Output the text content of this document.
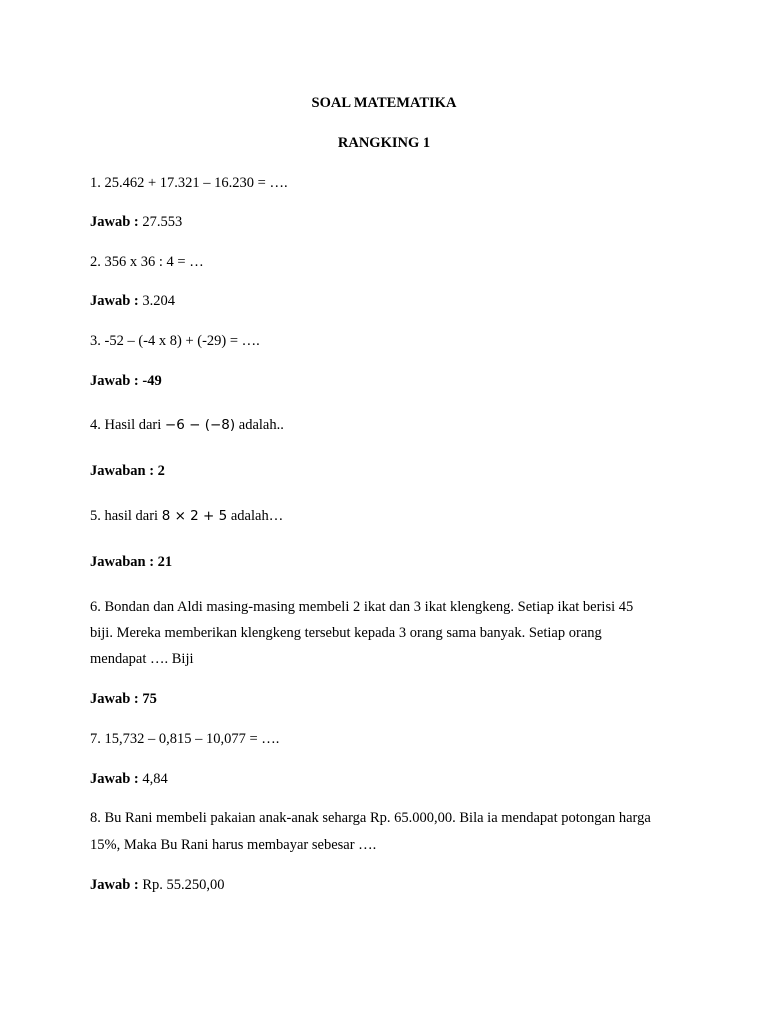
SOAL MATEMATIKA
RANGKING 1
1. 25.462 + 17.321 – 16.230 = ….
Jawab : 27.553
2. 356 x 36 : 4 = …
Jawab : 3.204
3. -52 – (-4 x 8) + (-29) = ….
Jawab : -49
4. Hasil dari −6 − (−8) adalah..
Jawaban : 2
5. hasil dari 8 × 2 + 5 adalah…
Jawaban : 21
6. Bondan dan Aldi masing-masing membeli 2 ikat dan 3 ikat klengkeng. Setiap ikat berisi 45
biji. Mereka memberikan klengkeng tersebut kepada 3 orang sama banyak. Setiap orang
mendapat …. Biji
Jawab : 75
7. 15,732 – 0,815 – 10,077 = ….
Jawab : 4,84
8. Bu Rani membeli pakaian anak-anak seharga Rp. 65.000,00. Bila ia mendapat potongan harga
15%, Maka Bu Rani harus membayar sebesar ….
Jawab : Rp. 55.250,00
